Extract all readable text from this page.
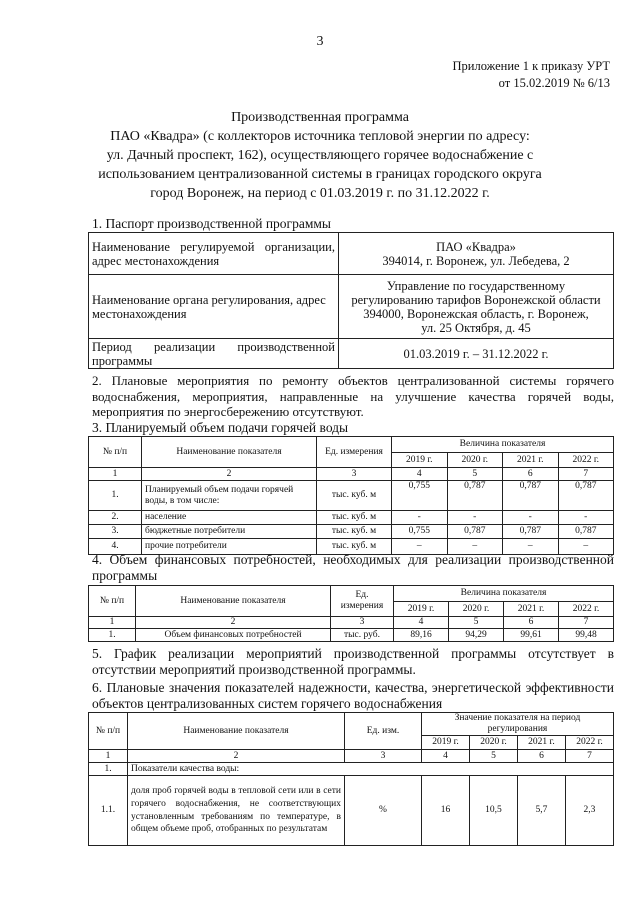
3
Приложение 1 к приказу УРТ
от 15.02.2019 № 6/13
Производственная программа
ПАО «Квадра» (с коллекторов источника тепловой энергии по адресу:
ул. Дачный проспект, 162), осуществляющего горячее водоснабжение с
использованием централизованной системы в границах городского округа
город Воронеж, на период с 01.03.2019 г. по 31.12.2022 г.
1. Паспорт производственной программы
Наименование регулируемой организации, адрес местонахождения	ПАО «Квадра»
394014, г. Воронеж, ул. Лебедева, 2

Наименование органа регулирования, адрес местонахождения	Управление по государственному
регулированию тарифов Воронежской области
394000, Воронежская область, г. Воронеж,
ул. 25 Октября, д. 45

Период реализации производственной программы	01.03.2019 г. – 31.12.2022 г.
2. Плановые мероприятия по ремонту объектов централизованной системы горячего водоснабжения, мероприятия, направленные на улучшение качества горячей воды, мероприятия по энергосбережению отсутствуют.
3. Планируемый объем подачи горячей воды
№ п/п	Наименование показателя	Ед. измерения	Величина показателя			
			2019 г.	2020 г.	2021 г.	2022 г.
1	2	3	4	5	6	7
1.	Планируемый объем подачи горячей воды, в том числе:	тыс. куб. м	0,755	0,787	0,787	0,787
2.	население	тыс. куб. м	-	-	-	-
3.	бюджетные потребители	тыс. куб. м	0,755	0,787	0,787	0,787
4.	прочие потребители	тыс. куб. м	–	–	–	–
4. Объем финансовых потребностей, необходимых для реализации производственной программы
№ п/п	Наименование показателя	Ед. измерения	Величина показателя			
			2019 г.	2020 г.	2021 г.	2022 г.
1	2	3	4	5	6	7
1.	Объем финансовых потребностей	тыс. руб.	89,16	94,29	99,61	99,48
5. График реализации мероприятий производственной программы отсутствует в отсутствии мероприятий производственной программы.
6. Плановые значения показателей надежности, качества, энергетической эффективности объектов централизованных систем горячего водоснабжения
№ п/п	Наименование показателя	Ед. изм.	Значение показателя на период регулирования			
			2019 г.	2020 г.	2021 г.	2022 г.
1	2	3	4	5	6	7
1.	Показатели качества воды:					
1.1.	доля проб горячей воды в тепловой сети или в сети горячего водоснабжения, не соответствующих установленным требованиям по температуре, в общем объеме проб, отобранных по результатам	%	16	10,5	5,7	2,3
